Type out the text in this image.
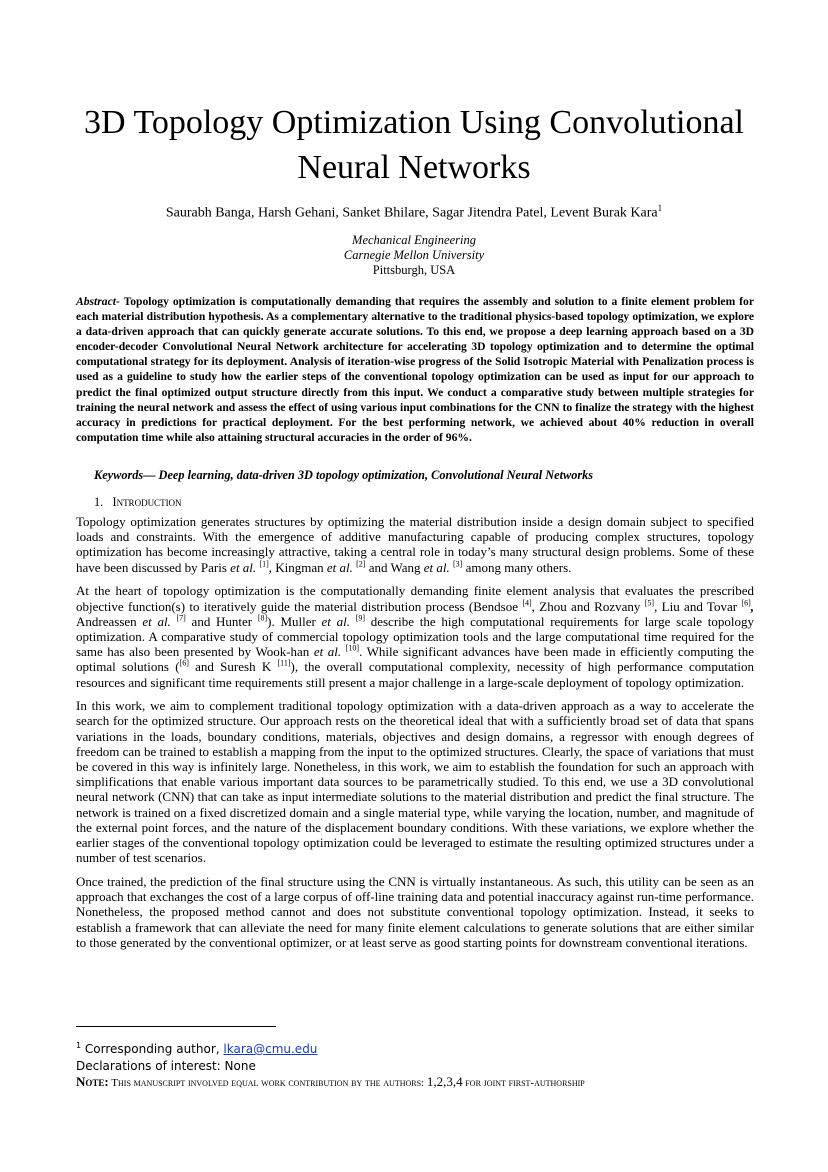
3D Topology Optimization Using Convolutional Neural Networks
Saurabh Banga, Harsh Gehani, Sanket Bhilare, Sagar Jitendra Patel, Levent Burak Kara$^1$
Mechanical Engineering
Carnegie Mellon University
Pittsburgh, USA
Abstract- Topology optimization is computationally demanding that requires the assembly and solution to a finite element problem for each material distribution hypothesis. As a complementary alternative to the traditional physics-based topology optimization, we explore a data-driven approach that can quickly generate accurate solutions. To this end, we propose a deep learning approach based on a 3D encoder-decoder Convolutional Neural Network architecture for accelerating 3D topology optimization and to determine the optimal computational strategy for its deployment. Analysis of iteration-wise progress of the Solid Isotropic Material with Penalization process is used as a guideline to study how the earlier steps of the conventional topology optimization can be used as input for our approach to predict the final optimized output structure directly from this input. We conduct a comparative study between multiple strategies for training the neural network and assess the effect of using various input combinations for the CNN to finalize the strategy with the highest accuracy in predictions for practical deployment. For the best performing network, we achieved about 40% reduction in overall computation time while also attaining structural accuracies in the order of 96%.
Keywords— Deep learning, data-driven 3D topology optimization, Convolutional Neural Networks
1. Introduction

Topology optimization generates structures by optimizing the material distribution inside a design domain subject to specified loads and constraints. With the emergence of additive manufacturing capable of producing complex structures, topology optimization has become increasingly attractive, taking a central role in today’s many structural design problems. Some of these have been discussed by Paris et al. [1], Kingman et al. [2] and Wang et al. [3] among many others.

At the heart of topology optimization is the computationally demanding finite element analysis that evaluates the prescribed objective function(s) to iteratively guide the material distribution process (Bendsoe [4], Zhou and Rozvany [5], Liu and Tovar [6], Andreassen et al. [7] and Hunter [8]). Muller et al. [9] describe the high computational requirements for large scale topology optimization. A comparative study of commercial topology optimization tools and the large computational time required for the same has also been presented by Wook-han et al. [10]. While significant advances have been made in efficiently computing the optimal solutions ([6] and Suresh K [11]), the overall computational complexity, necessity of high performance computation resources and significant time requirements still present a major challenge in a large-scale deployment of topology optimization.

In this work, we aim to complement traditional topology optimization with a data-driven approach as a way to accelerate the search for the optimized structure. Our approach rests on the theoretical ideal that with a sufficiently broad set of data that spans variations in the loads, boundary conditions, materials, objectives and design domains, a regressor with enough degrees of freedom can be trained to establish a mapping from the input to the optimized structures. Clearly, the space of variations that must be covered in this way is infinitely large. Nonetheless, in this work, we aim to establish the foundation for such an approach with simplifications that enable various important data sources to be parametrically studied. To this end, we use a 3D convolutional neural network (CNN) that can take as input intermediate solutions to the material distribution and predict the final structure. The network is trained on a fixed discretized domain and a single material type, while varying the location, number, and magnitude of the external point forces, and the nature of the displacement boundary conditions. With these variations, we explore whether the earlier stages of the conventional topology optimization could be leveraged to estimate the resulting optimized structures under a number of test scenarios.

Once trained, the prediction of the final structure using the CNN is virtually instantaneous. As such, this utility can be seen as an approach that exchanges the cost of a large corpus of off-line training data and potential inaccuracy against run-time performance. Nonetheless, the proposed method cannot and does not substitute conventional topology optimization. Instead, it seeks to establish a framework that can alleviate the need for many finite element calculations to generate solutions that are either similar to those generated by the conventional optimizer, or at least serve as good starting points for downstream conventional iterations.

$^1$ Corresponding author, lkara@cmu.edu
Declarations of interest: None
Note: This manuscript involved equal work contribution by the authors: 1,2,3,4 for joint first-authorship
